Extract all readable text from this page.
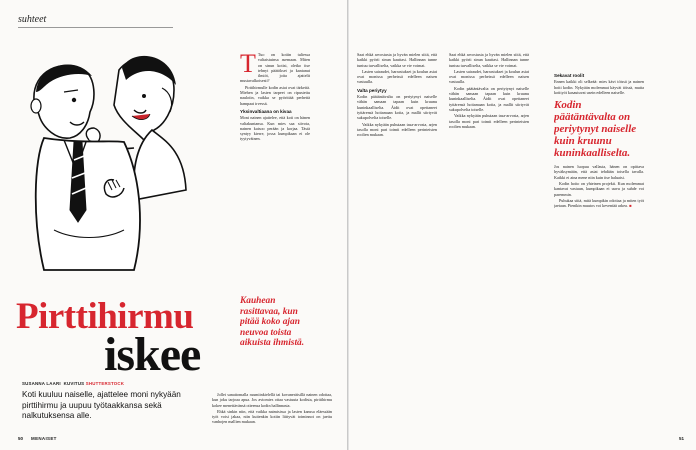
suhteet
Pirttihirmu
iskee
SUSANNA LAARI KUVITUS SHUTTERSTOCK
Koti kuuluu naiselle, ajattelee moni nykyään pirttihirmu ja uupuu työtaakkansa sekä nalkutuksensa alle.

T Tuo on kotiin tuliessa valtaistuinsa asemaan. Miten on sinun kotisi, oletko itse tehnyt päätökset ja kantanut ilmiöt, joita ajattelit mustavalkoisesti?

Pirttihirmulle kodin asiat ovat tärkeitä. Miehen ja lasten tarpeet on ripustettu nauloiin, vaikka se pyörittää perhettä hampaat irvessä.

Yksinvaltiaana on kivaa

Moni nainen ajattelee, että koti on hänen valtakuntansa. Kun mies saa siivota, nainen katsoo perään ja korjaa. Tästä syntyy kierre, jossa kumpikaan ei ole tyytyväinen.

Kauhean rasittavaa, kun pitää koko ajan neuvoa toista aikuista ihmistä.

Jollei sanattomalla ruumiinkielellä tai kovaneräisillä nainen odottaa, kun joku tarjoaa apua. Jos aviomies ottaa vastuuta kodista, pirttihirmu kokee menettävänsä otteensa kodin hallinnasta.

Ehkä sinkin niin, että vaikka naimisissa ja lasten kanssa eläessään työt voisi jakaa, niin kuitenkin kotiin liittyvät toiminnot on jaettu vanhojen mallien mukaan.

50 MENAISET

Saat ehkä arvostusta ja hyvän mielen siitä, että kaikki pyörii sinun kauttasi. Hallinnan tunne tuntuu turvalliselta, vaikka se vie voimat.

Lasten sairaudet, harrastukset ja koulun asiat ovat monissa perheissä edelleen naisen vastuulla.

Valta periytyy

Kodin päätäntävalta on periytynyt naiselle vähän samaan tapaan kuin kruunu kuninkaalliselta. Äidit ovat opettaneet tyttärensä hoitamaan kotia, ja mallit siirtyvät sukupolvelta toiselle.

Vaikka nykyään puhutaan tasa-arvosta, arjen tasolla moni pari toimii edelleen perinteisten roolien mukaan.

Saat ehkä arvostusta ja hyvän mielen siitä, että kaikki pyörii sinun kauttasi. Hallinnan tunne tuntuu turvalliselta, vaikka se vie voimat.

Lasten sairaudet, harrastukset ja koulun asiat ovat monissa perheissä edelleen naisen vastuulla.

Kodin päätäntävalta on periytynyt naiselle vähän samaan tapaan kuin kruunu kuninkaalliselta. Äidit ovat opettaneet tyttärensä hoitamaan kotia, ja mallit siirtyvät sukupolvelta toiselle.

Vaikka nykyään puhutaan tasa-arvosta, arjen tasolla moni pari toimii edelleen perinteisten roolien mukaan.

Sekavat roolit

Ennen kaikki oli selkeää: mies kävi töissä ja nainen hoiti kodin. Nykyään molemmat käyvät töissä, mutta kotityöt kasautuvat usein edelleen naiselle.

Kodin päätäntävalta on periytynyt naiselle kuin kruunu kuninkaalliselta.

Jos nainen luopuu vallasta, hänen on opittava hyväksymään, että asiat tehdään toisella tavalla. Kaikki ei aina mene niin kuin itse haluaisi.

Kodin hoito on yhteinen projekti. Kun molemmat kantavat vastuun, kumpikaan ei uuvu ja suhde voi paremmin.

Puhukaa siitä, mitä kumpikin odottaa ja miten työt jaetaan. Pienikin muutos voi keventää arkea. ■

51
